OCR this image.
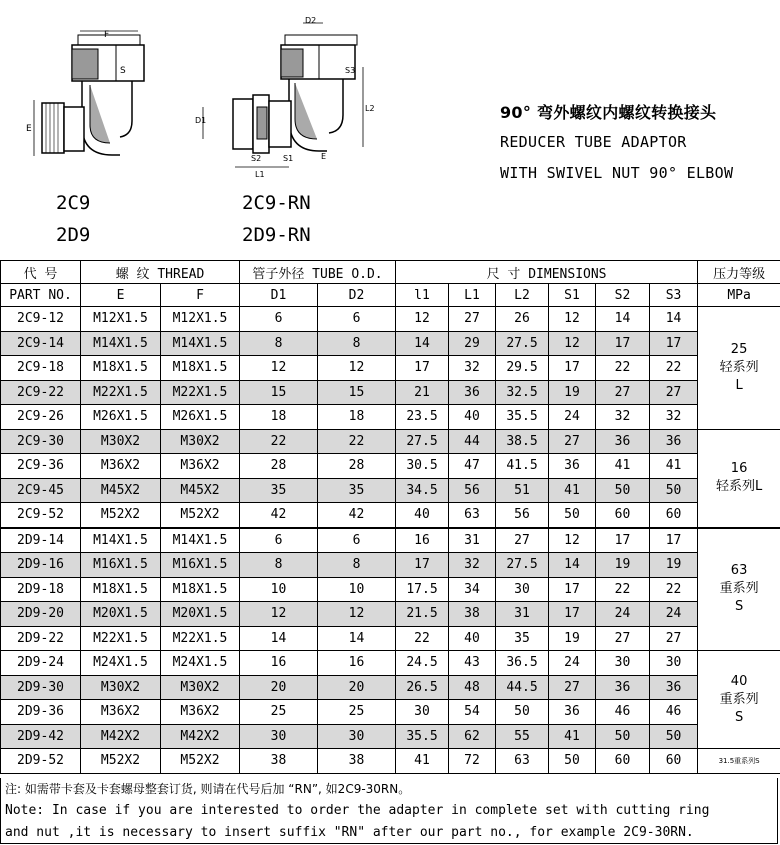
F
E
S
D2
S3
L2
D1
S2
L1
S1	E
2C9
2D9
2C9-RN
2D9-RN
90° 弯外螺纹内螺纹转换接头
REDUCER TUBE ADAPTOR
WITH SWIVEL NUT 90° ELBOW
代 号	螺 纹 THREAD		管子外径 TUBE O.D.		尺 寸 DIMENSIONS						压力等级
PART NO.	E	F	D1	D2	l1	L1	L2	S1	S2	S3	MPa
2C9-12	M12X1.5	M12X1.5	6	6	12	27	26	12	14	14	25
轻系列
L

2C9-14	M14X1.5	M14X1.5	8	8	14	29	27.5	12	17	17	
2C9-18	M18X1.5	M18X1.5	12	12	17	32	29.5	17	22	22	
2C9-22	M22X1.5	M22X1.5	15	15	21	36	32.5	19	27	27	
2C9-26	M26X1.5	M26X1.5	18	18	23.5	40	35.5	24	32	32	
2C9-30	M30X2	M30X2	22	22	27.5	44	38.5	27	36	36	16
轻系列L

2C9-36	M36X2	M36X2	28	28	30.5	47	41.5	36	41	41	
2C9-45	M45X2	M45X2	35	35	34.5	56	51	41	50	50	
2C9-52	M52X2	M52X2	42	42	40	63	56	50	60	60	
2D9-14	M14X1.5	M14X1.5	6	6	16	31	27	12	17	17	63
重系列
S

2D9-16	M16X1.5	M16X1.5	8	8	17	32	27.5	14	19	19	
2D9-18	M18X1.5	M18X1.5	10	10	17.5	34	30	17	22	22	
2D9-20	M20X1.5	M20X1.5	12	12	21.5	38	31	17	24	24	
2D9-22	M22X1.5	M22X1.5	14	14	22	40	35	19	27	27	
2D9-24	M24X1.5	M24X1.5	16	16	24.5	43	36.5	24	30	30	40
重系列
S

2D9-30	M30X2	M30X2	20	20	26.5	48	44.5	27	36	36	
2D9-36	M36X2	M36X2	25	25	30	54	50	36	46	46	
2D9-42	M42X2	M42X2	30	30	35.5	62	55	41	50	50	
2D9-52	M52X2	M52X2	38	38	41	72	63	50	60	60	31.5重系列S
注: 如需带卡套及卡套螺母整套订货, 则请在代号后加 “RN”, 如2C9-30RN。
Note: In case if you are interested to order the adapter in complete set with cutting ring
and nut ,it is necessary to insert suffix "RN" after our part no., for example 2C9-30RN.
